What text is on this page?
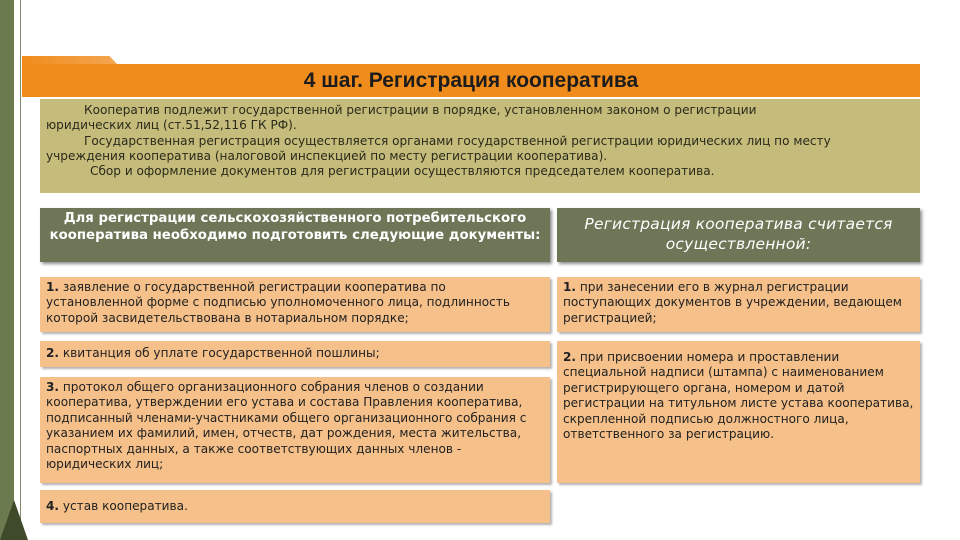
4 шаг. Регистрация кооператива

Кооператив подлежит государственной регистрации в порядке, установленном законом о регистрации

юридических лиц (ст.51,52,116 ГК РФ).

Государственная регистрация осуществляется органами государственной регистрации юридических лиц по месту

учреждения кооператива (налоговой инспекцией по месту регистрации кооператива).

Сбор и оформление документов для регистрации осуществляются председателем кооператива.

Для регистрации сельскохозяйственного потребительского кооператива необходимо подготовить следующие документы:
Регистрация кооператива считается осуществленной:
1. заявление о государственной регистрации кооператива по установленной форме с подписью уполномоченного лица, подлинность которой засвидетельствована в нотариальном порядке;
2. квитанция об уплате государственной пошлины;
3. протокол общего организационного собрания членов о создании кооператива, утверждении его устава и состава Правления кооператива, подписанный членами-участниками общего организационного собрания с указанием их фамилий, имен, отчеств, дат рождения, места жительства, паспортных данных, а также соответствующих данных членов - юридических лиц;
4. устав кооператива.
1. при занесении его в журнал регистрации поступающих документов в учреждении, ведающем регистрацией;
2. при присвоении номера и проставлении специальной надписи (штампа) с наименованием регистрирующего органа, номером и датой регистрации на титульном листе устава кооператива, скрепленной подписью должностного лица, ответственного за регистрацию.
